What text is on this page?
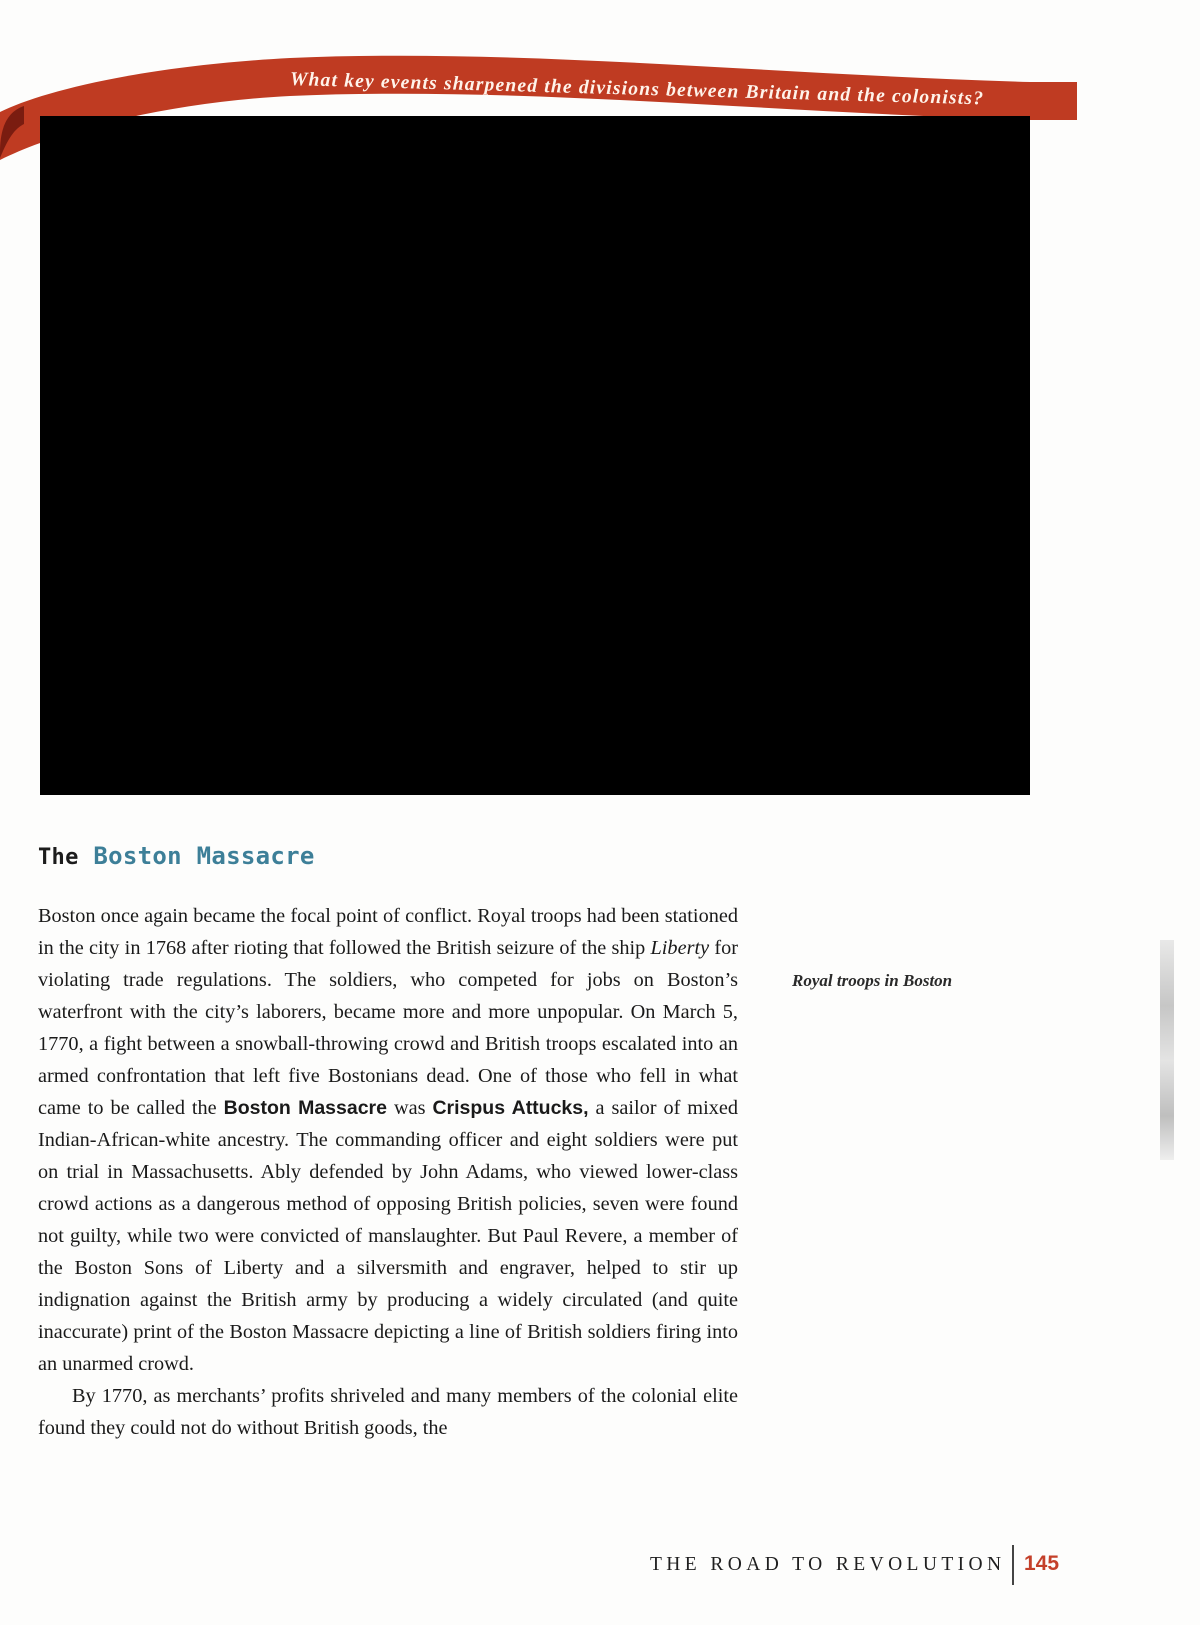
What key events sharpened the divisions between Britain and the colonists?
The Boston Massacre

Boston once again became the focal point of conflict. Royal troops had been stationed in the city in 1768 after rioting that followed the British seizure of the ship Liberty for violating trade regulations. The soldiers, who competed for jobs on Boston’s waterfront with the city’s laborers, became more and more unpopular. On March 5, 1770, a fight between a snowball-throwing crowd and British troops escalated into an armed confrontation that left five Bostonians dead. One of those who fell in what came to be called the Boston Massacre was Crispus Attucks, a sailor of mixed Indian-African-white ancestry. The commanding officer and eight soldiers were put on trial in Massachusetts. Ably defended by John Adams, who viewed lower-class crowd actions as a dangerous method of opposing British policies, seven were found not guilty, while two were convicted of manslaughter. But Paul Revere, a member of the Boston Sons of Liberty and a silversmith and engraver, helped to stir up indignation against the British army by producing a widely circulated (and quite inaccurate) print of the Boston Massacre depicting a line of British soldiers firing into an unarmed crowd.

By 1770, as merchants’ profits shriveled and many members of the colonial elite found they could not do without British goods, the

Royal troops in Boston
THE ROAD TO REVOLUTION 145
